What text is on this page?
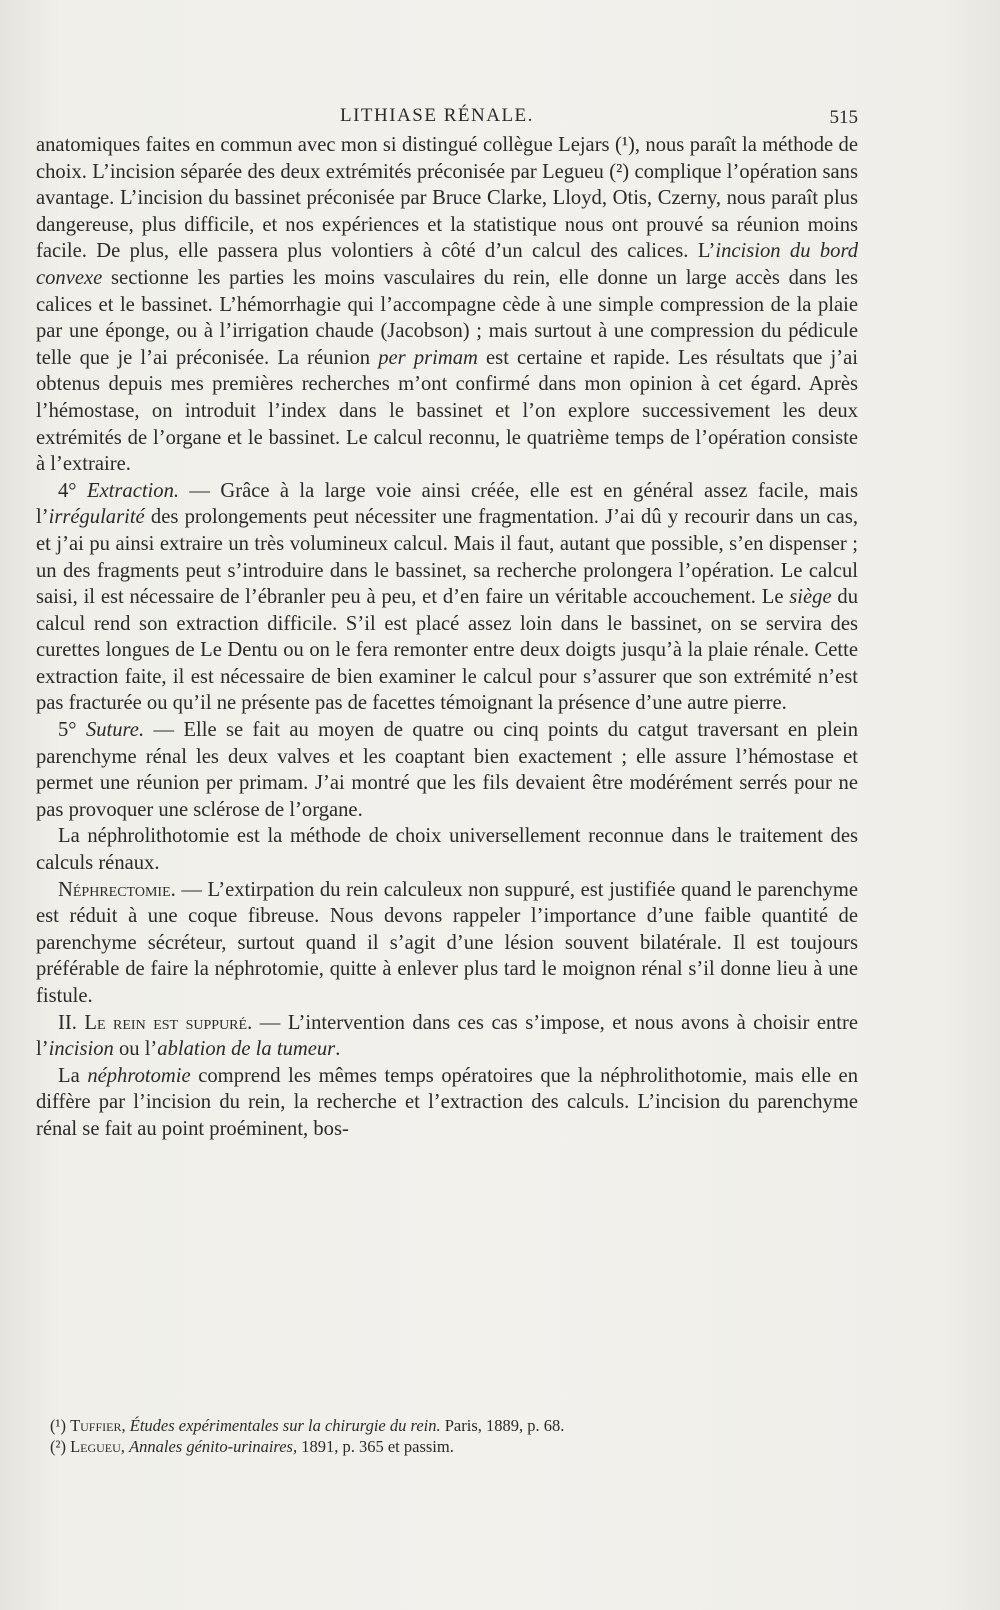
LITHIASE RÉNALE.	515

anatomiques faites en commun avec mon si distingué collègue Lejars (¹), nous paraît la méthode de choix. L’incision séparée des deux extrémités préconisée par Legueu (²) complique l’opération sans avantage. L’incision du bassinet préconisée par Bruce Clarke, Lloyd, Otis, Czerny, nous paraît plus dangereuse, plus difficile, et nos expériences et la statistique nous ont prouvé sa réunion moins facile. De plus, elle passera plus volontiers à côté d’un calcul des calices. L’incision du bord convexe sectionne les parties les moins vasculaires du rein, elle donne un large accès dans les calices et le bassinet. L’hémorrhagie qui l’accompagne cède à une simple compression de la plaie par une éponge, ou à l’irrigation chaude (Jacobson) ; mais surtout à une compression du pédicule telle que je l’ai préconisée. La réunion per primam est certaine et rapide. Les résultats que j’ai obtenus depuis mes premières recherches m’ont confirmé dans mon opinion à cet égard. Après l’hémostase, on introduit l’index dans le bassinet et l’on explore successivement les deux extrémités de l’organe et le bassinet. Le calcul reconnu, le quatrième temps de l’opération consiste à l’extraire.

4° Extraction. — Grâce à la large voie ainsi créée, elle est en général assez facile, mais l’irrégularité des prolongements peut nécessiter une fragmentation. J’ai dû y recourir dans un cas, et j’ai pu ainsi extraire un très volumineux calcul. Mais il faut, autant que possible, s’en dispenser ; un des fragments peut s’introduire dans le bassinet, sa recherche prolongera l’opération. Le calcul saisi, il est nécessaire de l’ébranler peu à peu, et d’en faire un véritable accouchement. Le siège du calcul rend son extraction difficile. S’il est placé assez loin dans le bassinet, on se servira des curettes longues de Le Dentu ou on le fera remonter entre deux doigts jusqu’à la plaie rénale. Cette extraction faite, il est nécessaire de bien examiner le calcul pour s’assurer que son extrémité n’est pas fracturée ou qu’il ne présente pas de facettes témoignant la présence d’une autre pierre.

5° Suture. — Elle se fait au moyen de quatre ou cinq points du catgut traversant en plein parenchyme rénal les deux valves et les coaptant bien exactement ; elle assure l’hémostase et permet une réunion per primam. J’ai montré que les fils devaient être modérément serrés pour ne pas provoquer une sclérose de l’organe.

La néphrolithotomie est la méthode de choix universellement reconnue dans le traitement des calculs rénaux.

Néphrectomie. — L’extirpation du rein calculeux non suppuré, est justifiée quand le parenchyme est réduit à une coque fibreuse. Nous devons rappeler l’importance d’une faible quantité de parenchyme sécréteur, surtout quand il s’agit d’une lésion souvent bilatérale. Il est toujours préférable de faire la néphrotomie, quitte à enlever plus tard le moignon rénal s’il donne lieu à une fistule.

II. Le rein est suppuré. — L’intervention dans ces cas s’impose, et nous avons à choisir entre l’incision ou l’ablation de la tumeur.

La néphrotomie comprend les mêmes temps opératoires que la néphrolithotomie, mais elle en diffère par l’incision du rein, la recherche et l’extraction des calculs. L’incision du parenchyme rénal se fait au point proéminent, bos-

(¹) Tuffier, Études expérimentales sur la chirurgie du rein. Paris, 1889, p. 68.

(²) Legueu, Annales génito-urinaires, 1891, p. 365 et passim.
